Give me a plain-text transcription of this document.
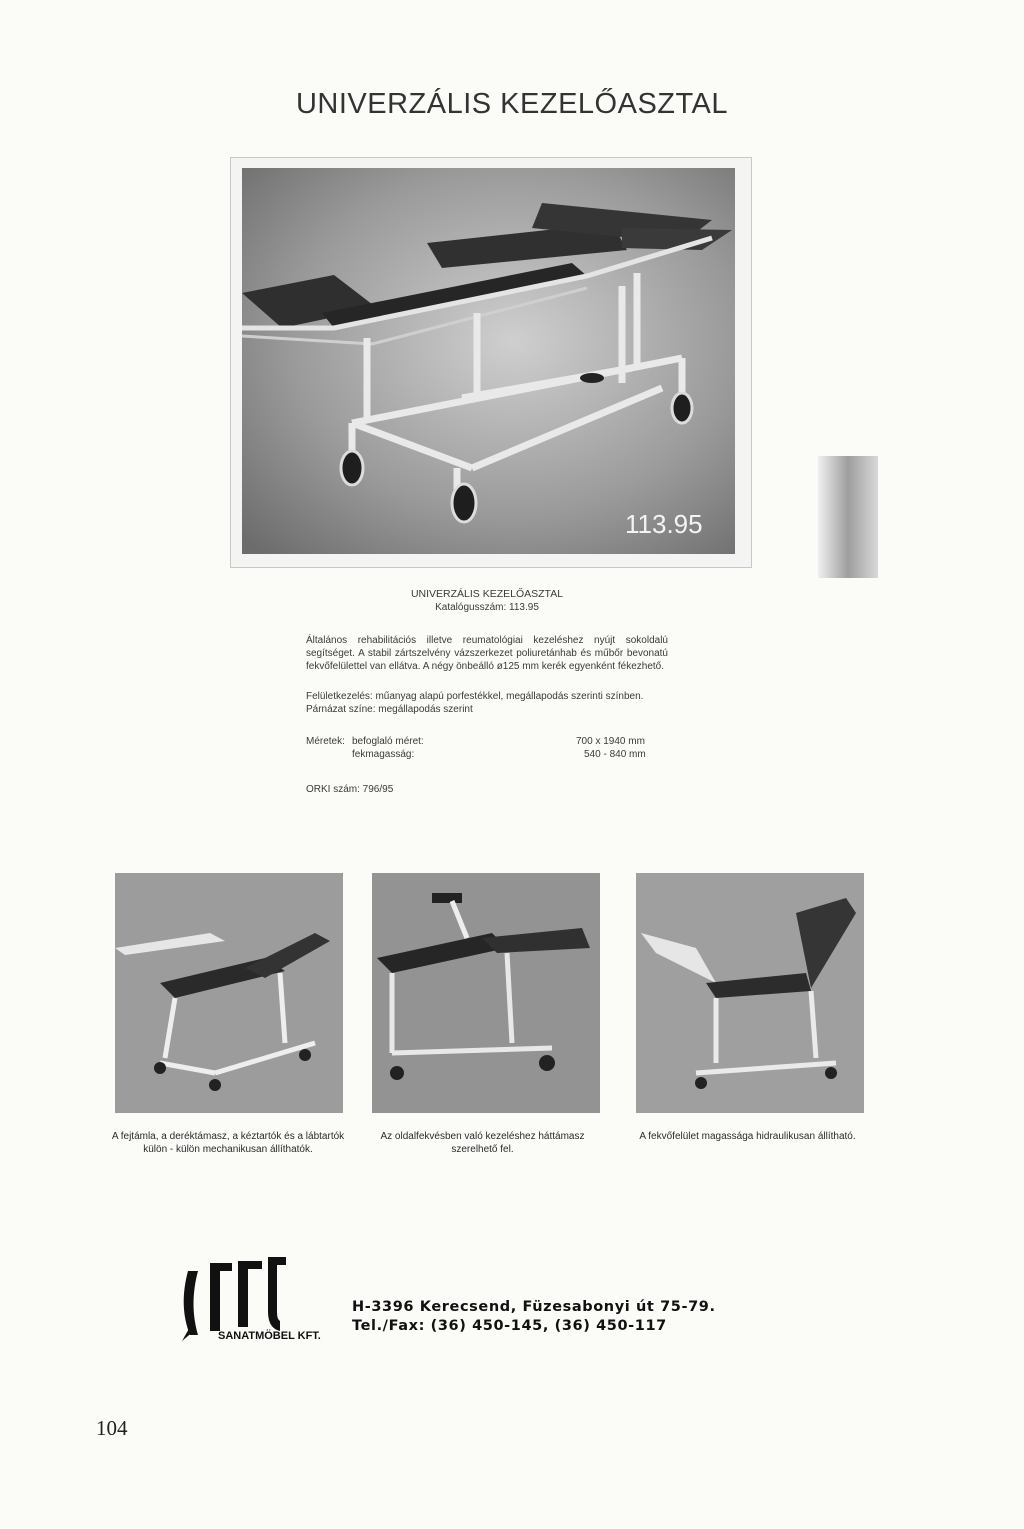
UNIVERZÁLIS KEZELŐASZTAL
113.95
UNIVERZÁLIS KEZELŐASZTAL
Katalógusszám: 113.95
Általános rehabilitációs illetve reumatológiai kezeléshez nyújt sokoldalú segítséget. A stabil zártszelvény vázszerkezet poliuretánhab és műbőr bevonatú fekvőfelülettel van ellátva. A négy önbeálló ø125 mm kerék egyenként fékezhető.
Felületkezelés: műanyag alapú porfestékkel, megállapodás szerinti színben.
Párnázat színe: megállapodás szerint
Méretek: befoglaló méret:	700 x 1940 mm
fekmagasság:	540 - 840 mm
ORKI szám: 796/95
A fejtámla, a deréktámasz, a kéztartók és a lábtartók külön - külön mechanikusan állíthatók.
Az oldalfekvésben való kezeléshez háttámasz szerelhető fel.
A fekvőfelület magassága hidraulikusan állítható.
SANATMÖBEL KFT.
H-3396 Kerecsend, Füzesabonyi út 75-79.
Tel./Fax: (36) 450-145, (36) 450-117
104
